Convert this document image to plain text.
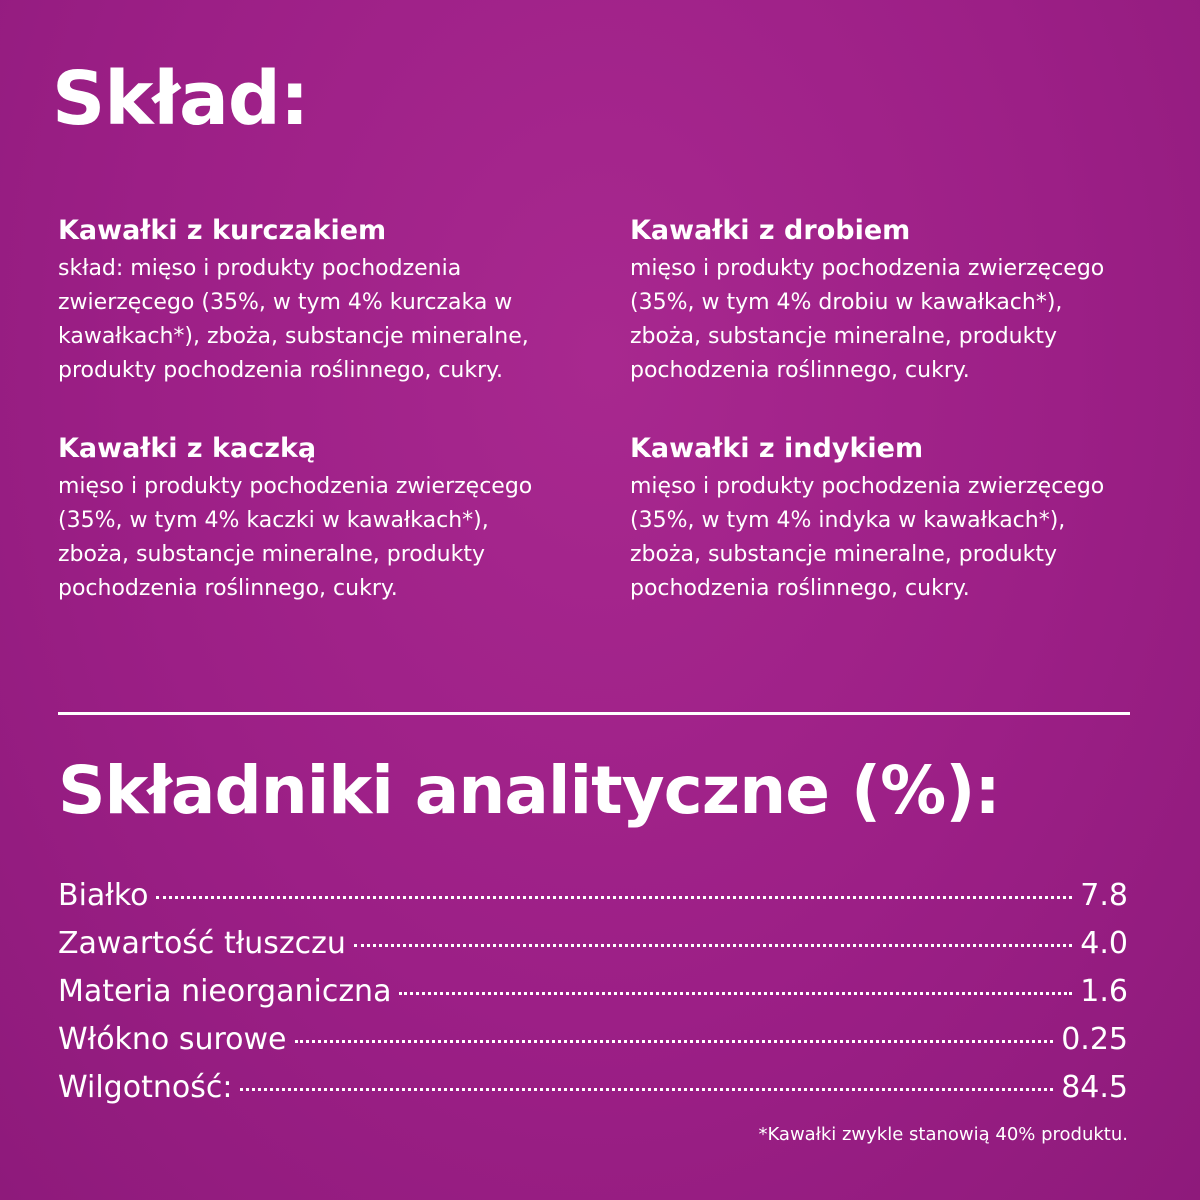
Skład:
Kawałki z kurczakiem
skład: mięso i produkty pochodzenia
zwierzęcego (35%, w tym 4% kurczaka w
kawałkach*), zboża, substancje mineralne,
produkty pochodzenia roślinnego, cukry.
Kawałki z kaczką
mięso i produkty pochodzenia zwierzęcego
(35%, w tym 4% kaczki w kawałkach*),
zboża, substancje mineralne, produkty
pochodzenia roślinnego, cukry.
Kawałki z drobiem
mięso i produkty pochodzenia zwierzęcego
(35%, w tym 4% drobiu w kawałkach*),
zboża, substancje mineralne, produkty
pochodzenia roślinnego, cukry.
Kawałki z indykiem
mięso i produkty pochodzenia zwierzęcego
(35%, w tym 4% indyka w kawałkach*),
zboża, substancje mineralne, produkty
pochodzenia roślinnego, cukry.
Składniki analityczne (%):
Białko	7.8
Zawartość tłuszczu	4.0
Materia nieorganiczna	1.6
Włókno surowe	0.25
Wilgotność:	84.5

*Kawałki zwykle stanowią 40% produktu.
